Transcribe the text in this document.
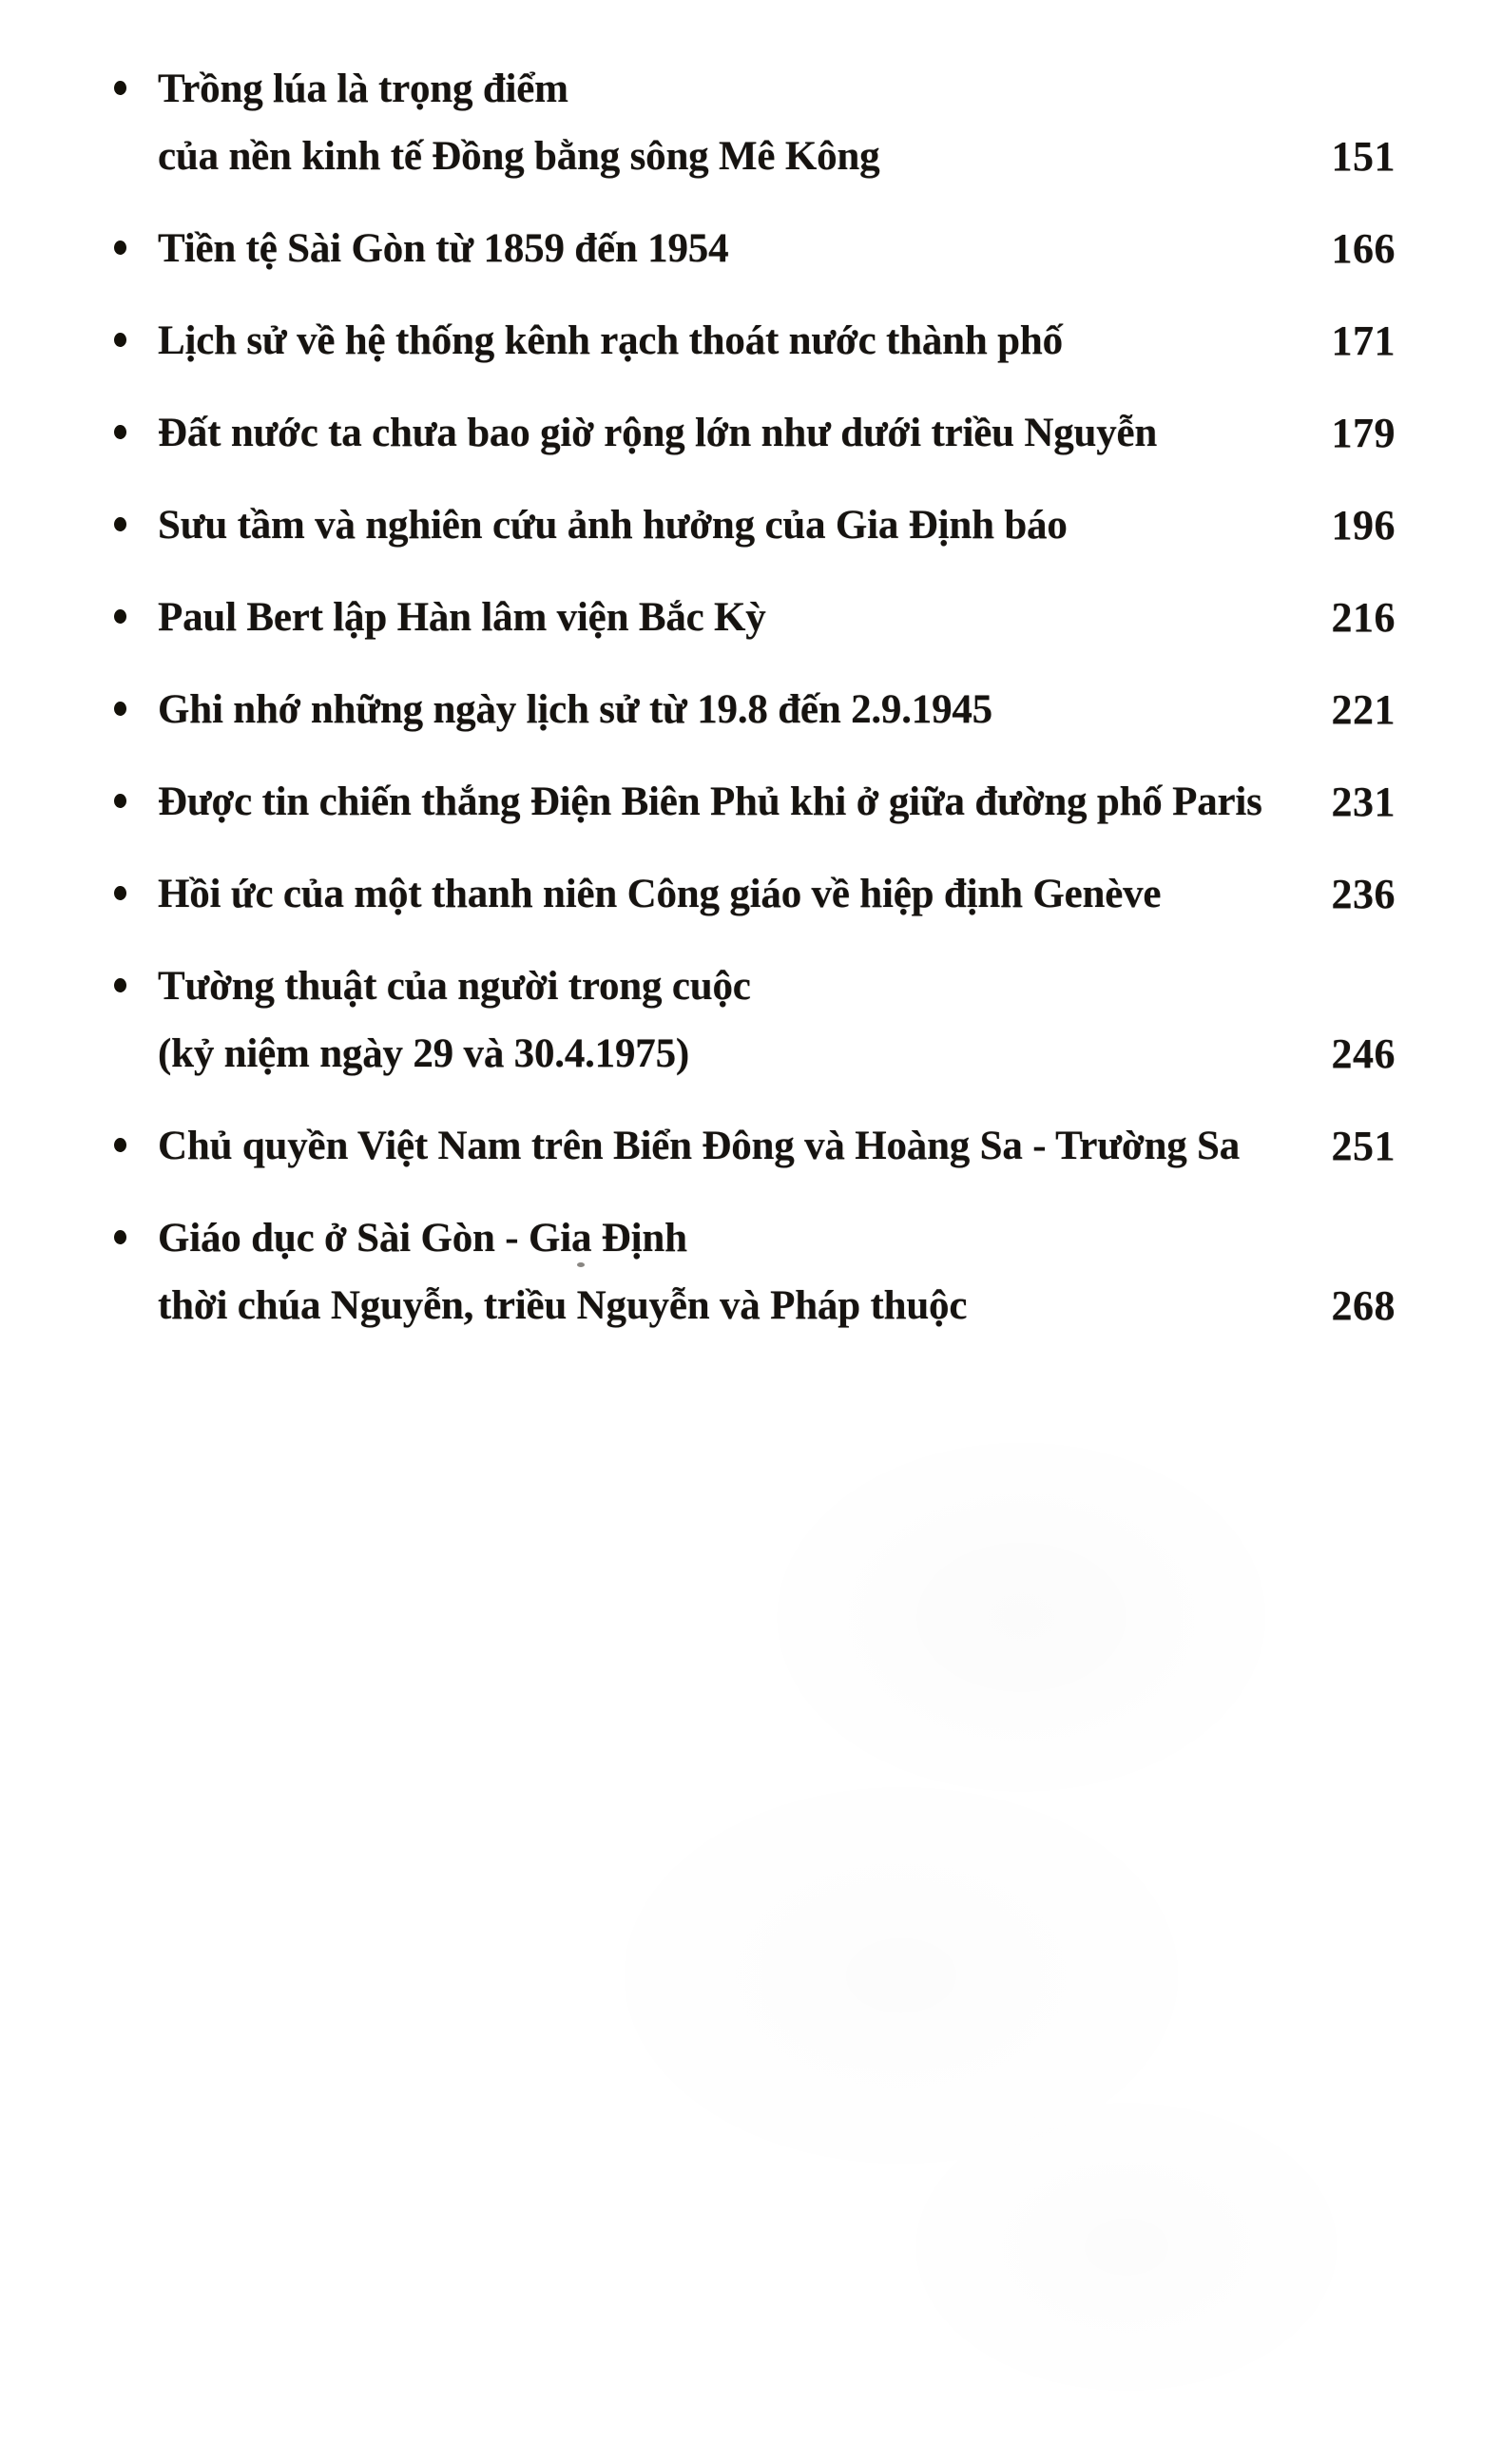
Trồng lúa là trọng điểm
của nền kinh tế Đồng bằng sông Mê Kông	151
Tiền tệ Sài Gòn từ 1859 đến 1954	166
Lịch sử về hệ thống kênh rạch thoát nước thành phố	171
Đất nước ta chưa bao giờ rộng lớn như dưới triều Nguyễn	179
Sưu tầm và nghiên cứu ảnh hưởng của Gia Định báo	196
Paul Bert lập Hàn lâm viện Bắc Kỳ	216
Ghi nhớ những ngày lịch sử từ 19.8 đến 2.9.1945	221
Được tin chiến thắng Điện Biên Phủ khi ở giữa đường phố Paris	231
Hồi ức của một thanh niên Công giáo về hiệp định Genève	236
Tường thuật của người trong cuộc
(kỷ niệm ngày 29 và 30.4.1975)	246
Chủ quyền Việt Nam trên Biển Đông và Hoàng Sa - Trường Sa	251
Giáo dục ở Sài Gòn - Gia Định
thời chúa Nguyễn, triều Nguyễn và Pháp thuộc	268
